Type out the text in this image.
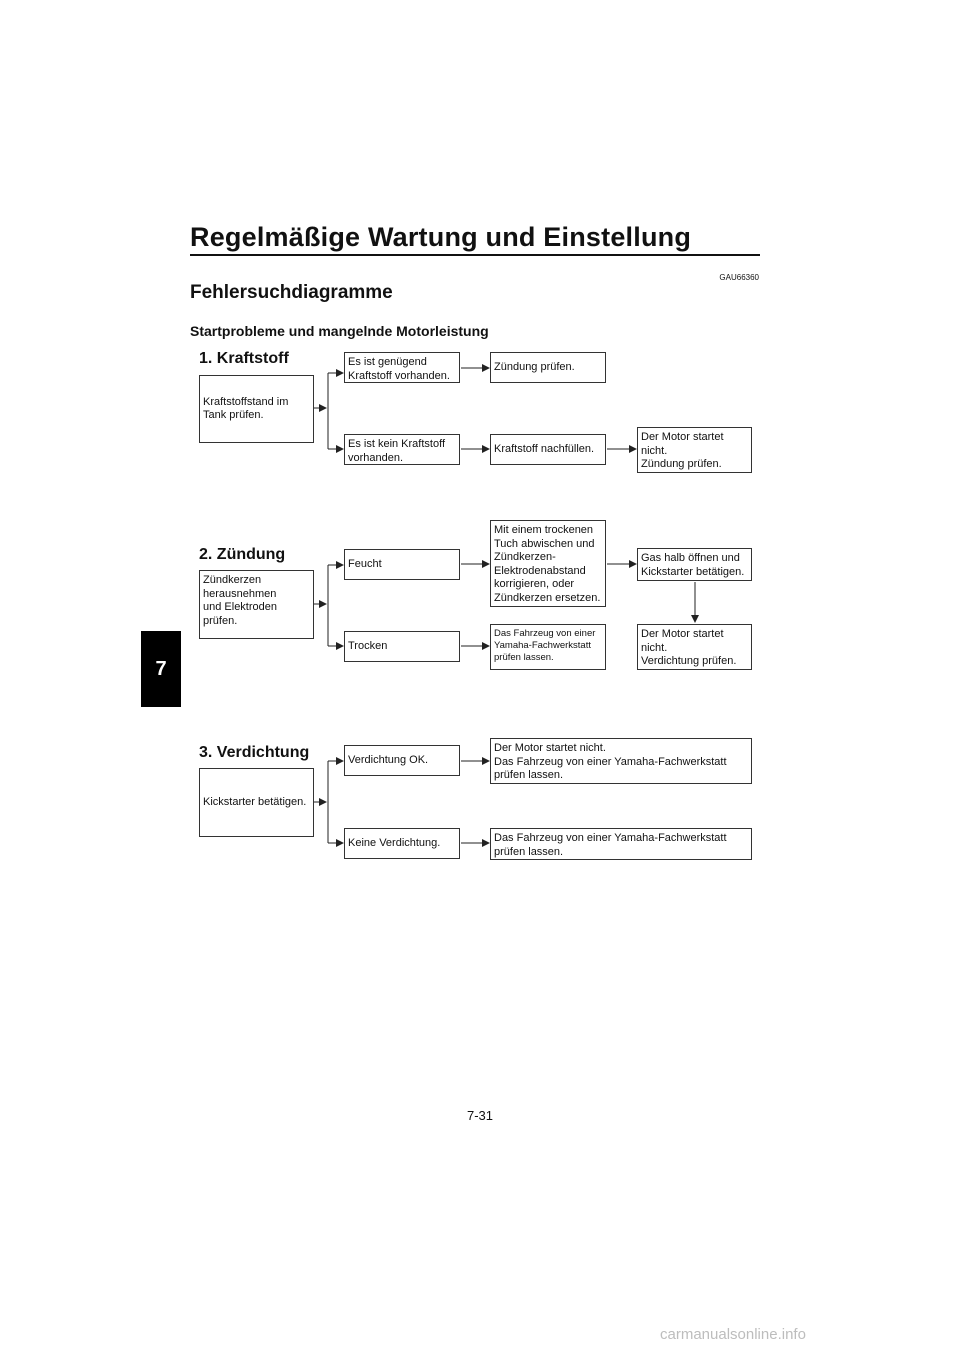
Regelmäßige Wartung und Einstellung
7
GAU66360
Fehlersuchdiagramme
Startprobleme und mangelnde Motorleistung
1. Kraftstoff
Kraftstoffstand im
Tank prüfen.
Es ist genügend
Kraftstoff vorhanden.
Zündung prüfen.
Es ist kein Kraftstoff
vorhanden.
Kraftstoff nachfüllen.
Der Motor startet
nicht.
Zündung prüfen.
2. Zündung
Zündkerzen
herausnehmen
und Elektroden
prüfen.
Feucht
Mit einem trockenen
Tuch abwischen und
Zündkerzen-
Elektrodenabstand
korrigieren, oder
Zündkerzen ersetzen.
Gas halb öffnen und
Kickstarter betätigen.
Der Motor startet
nicht.
Verdichtung prüfen.
Trocken
Das Fahrzeug von einer
Yamaha-Fachwerkstatt
prüfen lassen.
3. Verdichtung
Kickstarter betätigen.
Verdichtung OK.
Der Motor startet nicht.
Das Fahrzeug von einer Yamaha-Fachwerkstatt
prüfen lassen.
Keine Verdichtung.	Das Fahrzeug von einer Yamaha-Fachwerkstatt
prüfen lassen.
7-31
carmanualsonline.info
